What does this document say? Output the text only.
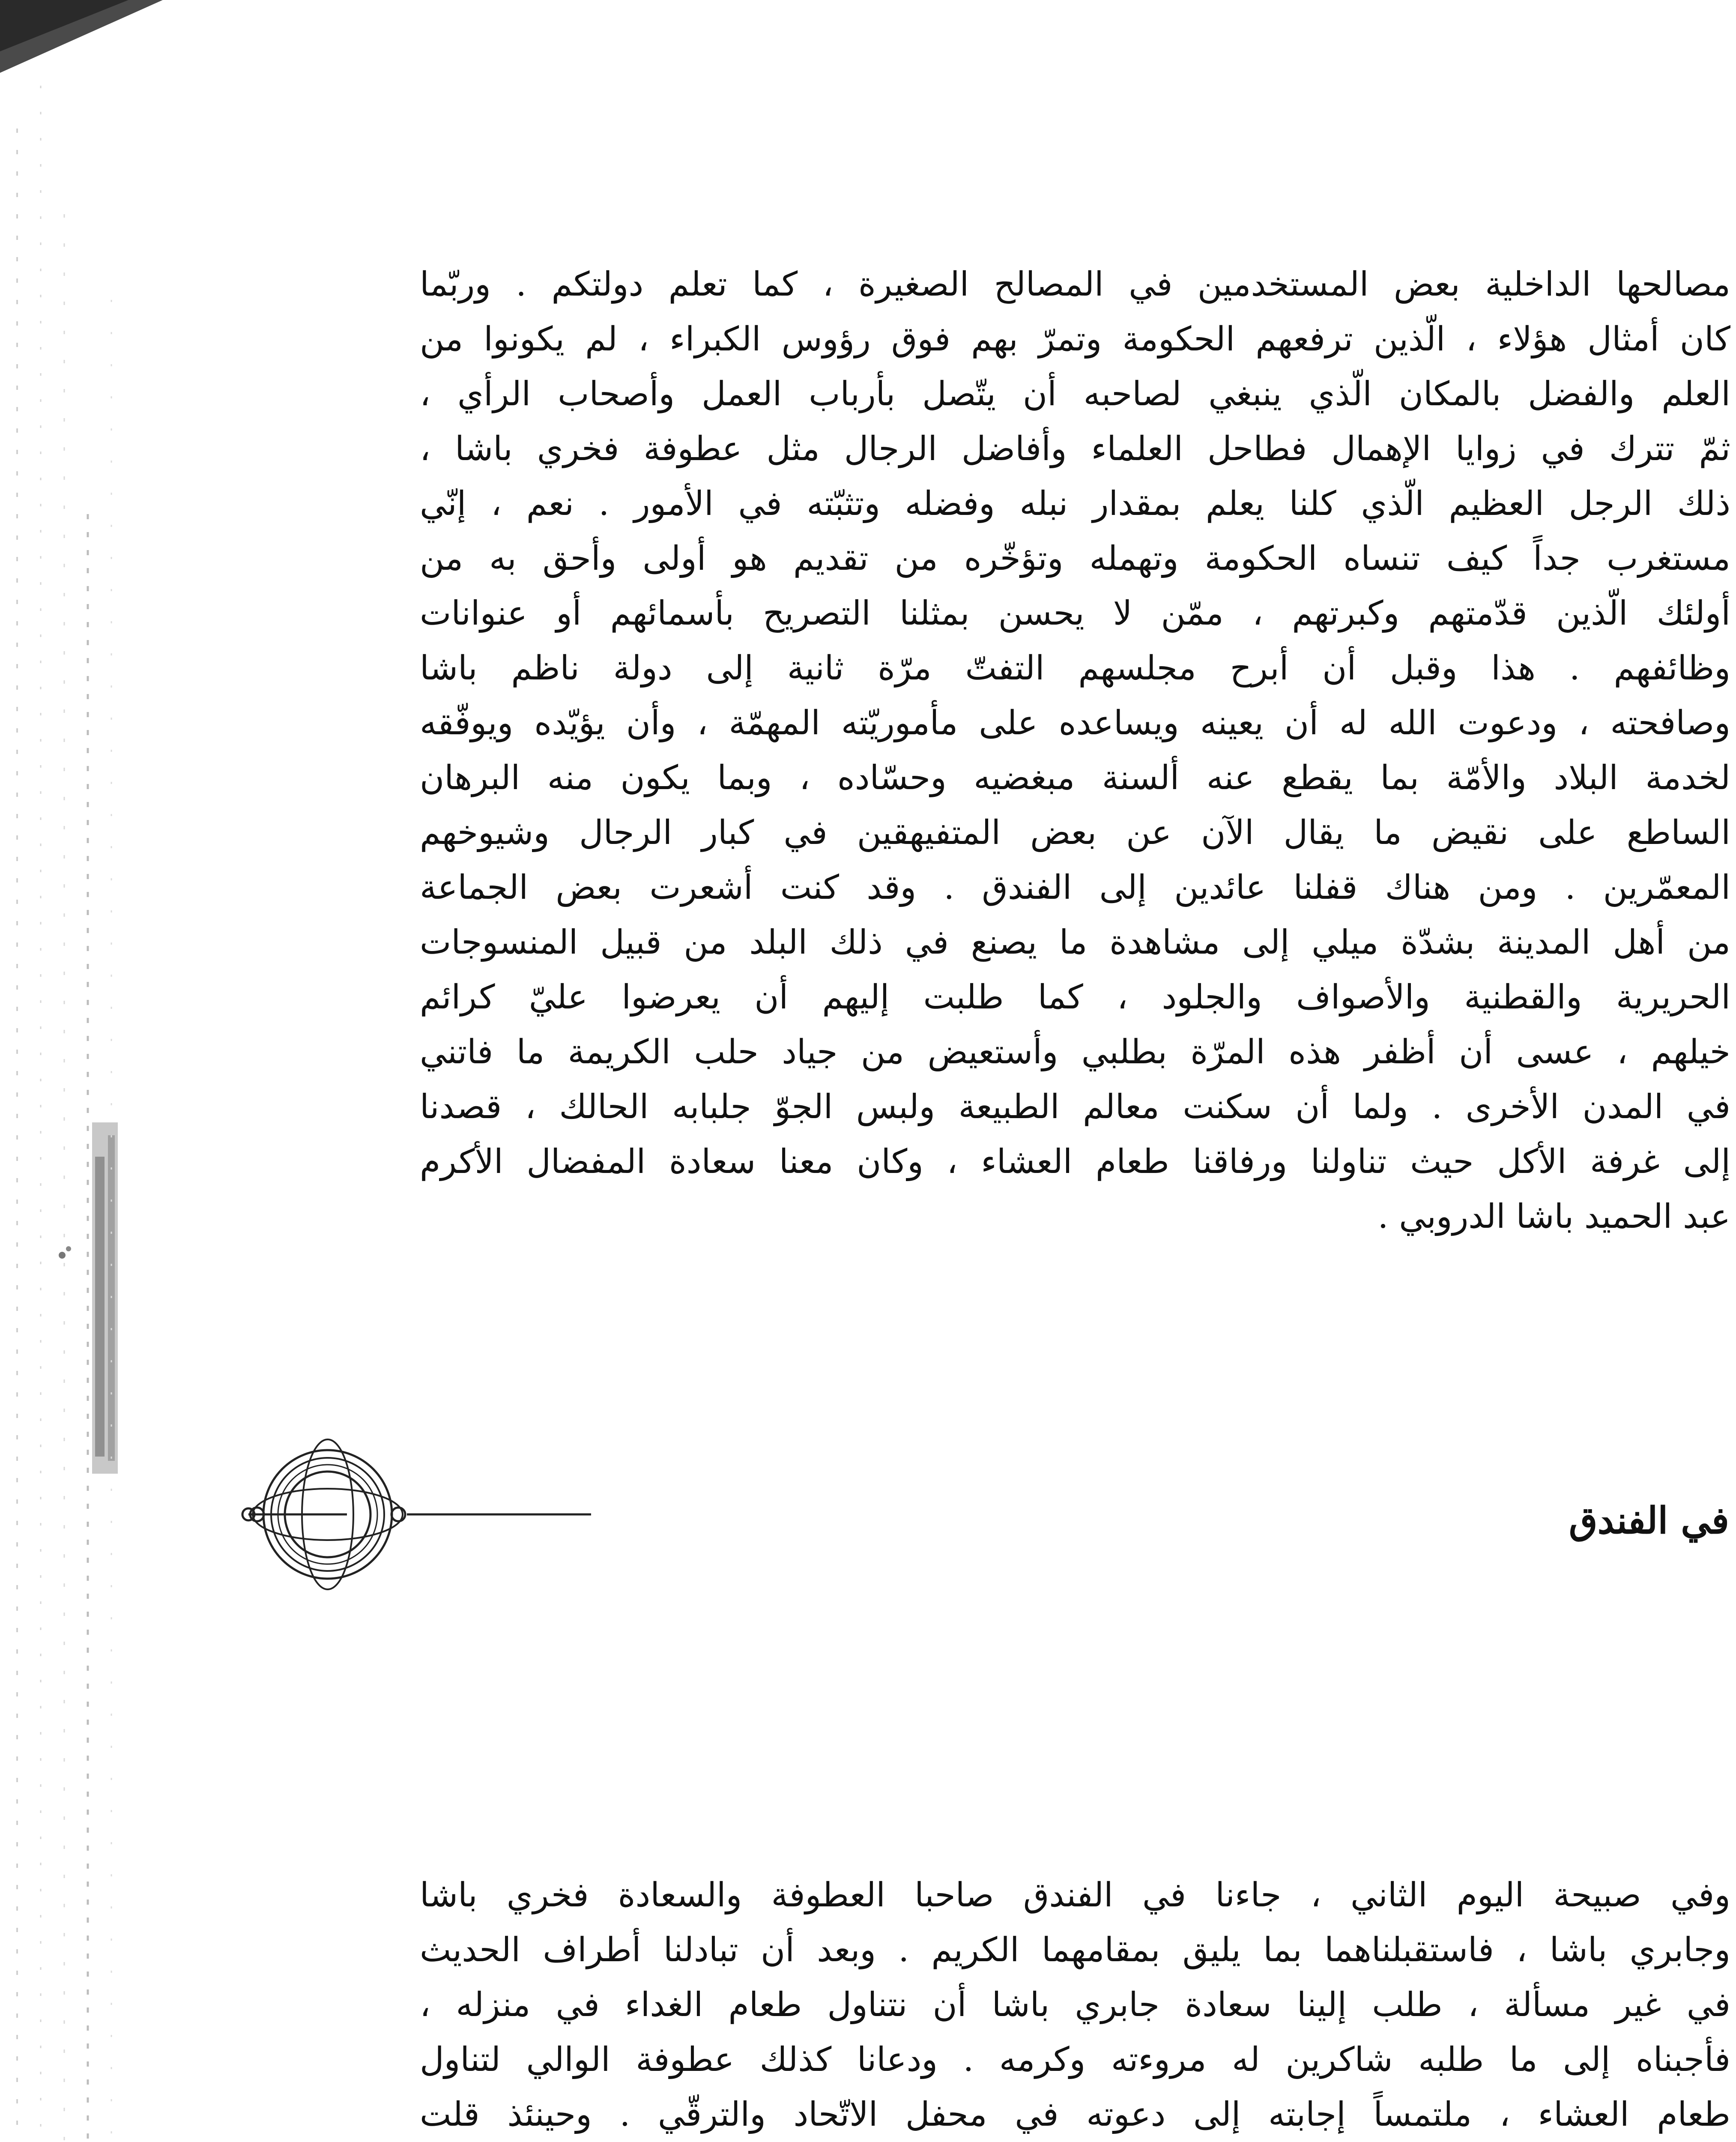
مصالحها الداخلية بعض المستخدمين في المصالح الصغيرة ، كما تعلم دولتكم . وربّما
كان أمثال هؤلاء ، الّذين ترفعهم الحكومة وتمرّ بهم فوق رؤوس الكبراء ، لم يكونوا من
العلم والفضل بالمكان الّذي ينبغي لصاحبه أن يتّصل بأرباب العمل وأصحاب الرأي ،
ثمّ تترك في زوايا الإهمال فطاحل العلماء وأفاضل الرجال مثل عطوفة فخري باشا ،
ذلك الرجل العظيم الّذي كلنا يعلم بمقدار نبله وفضله وتثبّته في الأمور . نعم ، إنّي
مستغرب جداً كيف تنساه الحكومة وتهمله وتؤخّره من تقديم هو أولى وأحق به من
أولئك الّذين قدّمتهم وكبرتهم ، ممّن لا يحسن بمثلنا التصريح بأسمائهم أو عنوانات
وظائفهم . هذا وقبل أن أبرح مجلسهم التفتّ مرّة ثانية إلى دولة ناظم باشا
وصافحته ، ودعوت الله له أن يعينه ويساعده على مأموريّته المهمّة ، وأن يؤيّده ويوفّقه
لخدمة البلاد والأمّة بما يقطع عنه ألسنة مبغضيه وحسّاده ، وبما يكون منه البرهان
الساطع على نقيض ما يقال الآن عن بعض المتفيهقين في كبار الرجال وشيوخهم
المعمّرين . ومن هناك قفلنا عائدين إلى الفندق . وقد كنت أشعرت بعض الجماعة
من أهل المدينة بشدّة ميلي إلى مشاهدة ما يصنع في ذلك البلد من قبيل المنسوجات
الحريرية والقطنية والأصواف والجلود ، كما طلبت إليهم أن يعرضوا عليّ كرائم
خيلهم ، عسى أن أظفر هذه المرّة بطلبي وأستعيض من جياد حلب الكريمة ما فاتني
في المدن الأخرى . ولما أن سكنت معالم الطبيعة ولبس الجوّ جلبابه الحالك ، قصدنا
إلى غرفة الأكل حيث تناولنا ورفاقنا طعام العشاء ، وكان معنا سعادة المفضال الأكرم
عبد الحميد باشا الدروبي .
في الفندق
وفي صبيحة اليوم الثاني ، جاءنا في الفندق صاحبا العطوفة والسعادة فخري باشا
وجابري باشا ، فاستقبلناهما بما يليق بمقامهما الكريم . وبعد أن تبادلنا أطراف الحديث
في غير مسألة ، طلب إلينا سعادة جابري باشا أن نتناول طعام الغداء في منزله ،
فأجبناه إلى ما طلبه شاكرين له مروءته وكرمه . ودعانا كذلك عطوفة الوالي لتناول
طعام العشاء ، ملتمساً إجابته إلى دعوته في محفل الاتّحاد والترقّي . وحينئذ قلت
